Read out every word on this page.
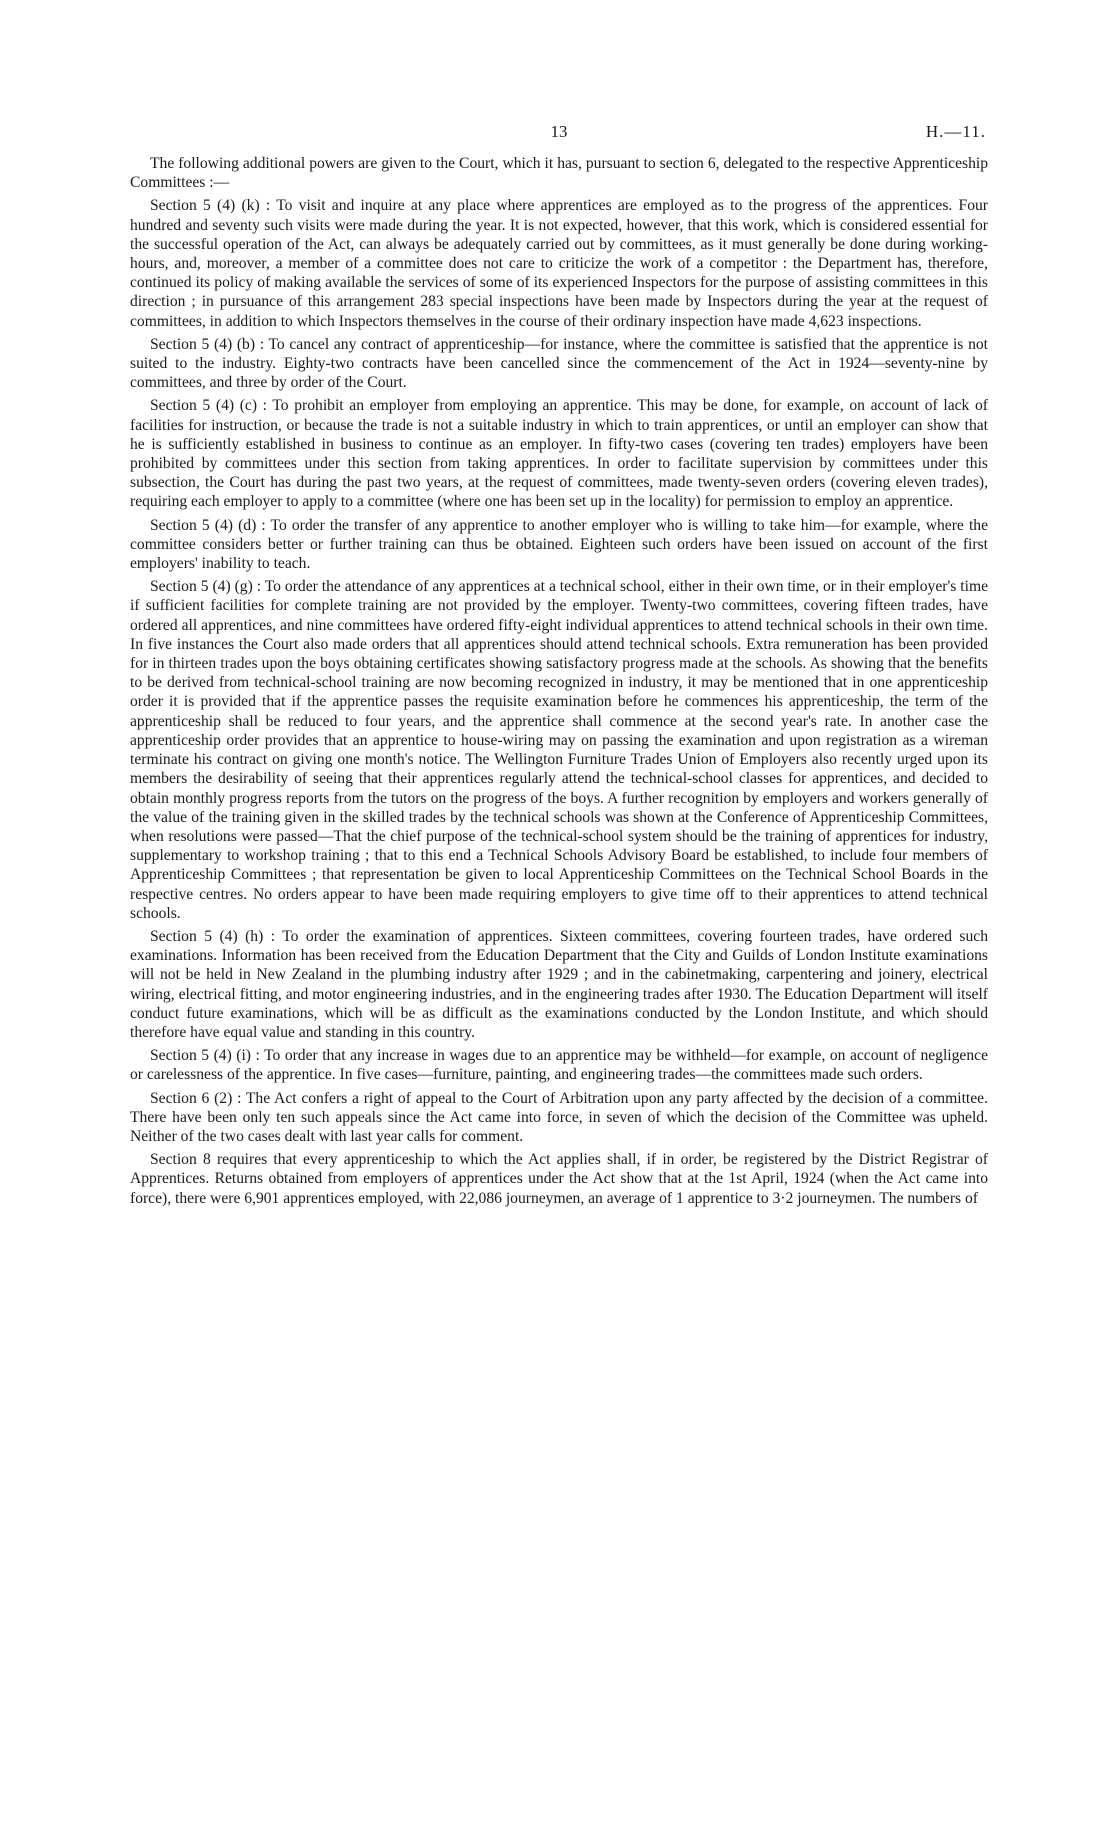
13	H.—11.

The following additional powers are given to the Court, which it has, pursuant to section 6, delegated to the respective Apprenticeship Committees :—

Section 5 (4) (k) : To visit and inquire at any place where apprentices are employed as to the progress of the apprentices. Four hundred and seventy such visits were made during the year. It is not expected, however, that this work, which is considered essential for the successful operation of the Act, can always be adequately carried out by committees, as it must generally be done during working-hours, and, moreover, a member of a committee does not care to criticize the work of a competitor : the Department has, therefore, continued its policy of making available the services of some of its experienced Inspectors for the purpose of assisting committees in this direction ; in pursuance of this arrangement 283 special inspections have been made by Inspectors during the year at the request of committees, in addition to which Inspectors themselves in the course of their ordinary inspection have made 4,623 inspections.

Section 5 (4) (b) : To cancel any contract of apprenticeship—for instance, where the committee is satisfied that the apprentice is not suited to the industry. Eighty-two contracts have been cancelled since the commencement of the Act in 1924—seventy-nine by committees, and three by order of the Court.

Section 5 (4) (c) : To prohibit an employer from employing an apprentice. This may be done, for example, on account of lack of facilities for instruction, or because the trade is not a suitable industry in which to train apprentices, or until an employer can show that he is sufficiently established in business to continue as an employer. In fifty-two cases (covering ten trades) employers have been prohibited by committees under this section from taking apprentices. In order to facilitate supervision by committees under this subsection, the Court has during the past two years, at the request of committees, made twenty-seven orders (covering eleven trades), requiring each employer to apply to a committee (where one has been set up in the locality) for permission to employ an apprentice.

Section 5 (4) (d) : To order the transfer of any apprentice to another employer who is willing to take him—for example, where the committee considers better or further training can thus be obtained. Eighteen such orders have been issued on account of the first employers' inability to teach.

Section 5 (4) (g) : To order the attendance of any apprentices at a technical school, either in their own time, or in their employer's time if sufficient facilities for complete training are not provided by the employer. Twenty-two committees, covering fifteen trades, have ordered all apprentices, and nine committees have ordered fifty-eight individual apprentices to attend technical schools in their own time. In five instances the Court also made orders that all apprentices should attend technical schools. Extra remuneration has been provided for in thirteen trades upon the boys obtaining certificates showing satisfactory progress made at the schools. As showing that the benefits to be derived from technical-school training are now becoming recognized in industry, it may be mentioned that in one apprenticeship order it is provided that if the apprentice passes the requisite examination before he commences his apprenticeship, the term of the apprenticeship shall be reduced to four years, and the apprentice shall commence at the second year's rate. In another case the apprenticeship order provides that an apprentice to house-wiring may on passing the examination and upon registration as a wireman terminate his contract on giving one month's notice. The Wellington Furniture Trades Union of Employers also recently urged upon its members the desirability of seeing that their apprentices regularly attend the technical-school classes for apprentices, and decided to obtain monthly progress reports from the tutors on the progress of the boys. A further recognition by employers and workers generally of the value of the training given in the skilled trades by the technical schools was shown at the Conference of Apprenticeship Committees, when resolutions were passed—That the chief purpose of the technical-school system should be the training of apprentices for industry, supplementary to workshop training ; that to this end a Technical Schools Advisory Board be established, to include four members of Apprenticeship Committees ; that representation be given to local Apprenticeship Committees on the Technical School Boards in the respective centres. No orders appear to have been made requiring employers to give time off to their apprentices to attend technical schools.

Section 5 (4) (h) : To order the examination of apprentices. Sixteen committees, covering fourteen trades, have ordered such examinations. Information has been received from the Education Department that the City and Guilds of London Institute examinations will not be held in New Zealand in the plumbing industry after 1929 ; and in the cabinetmaking, carpentering and joinery, electrical wiring, electrical fitting, and motor engineering industries, and in the engineering trades after 1930. The Education Department will itself conduct future examinations, which will be as difficult as the examinations conducted by the London Institute, and which should therefore have equal value and standing in this country.

Section 5 (4) (i) : To order that any increase in wages due to an apprentice may be withheld—for example, on account of negligence or carelessness of the apprentice. In five cases—furniture, painting, and engineering trades—the committees made such orders.

Section 6 (2) : The Act confers a right of appeal to the Court of Arbitration upon any party affected by the decision of a committee. There have been only ten such appeals since the Act came into force, in seven of which the decision of the Committee was upheld. Neither of the two cases dealt with last year calls for comment.

Section 8 requires that every apprenticeship to which the Act applies shall, if in order, be registered by the District Registrar of Apprentices. Returns obtained from employers of apprentices under the Act show that at the 1st April, 1924 (when the Act came into force), there were 6,901 apprentices employed, with 22,086 journeymen, an average of 1 apprentice to 3·2 journeymen. The numbers of
